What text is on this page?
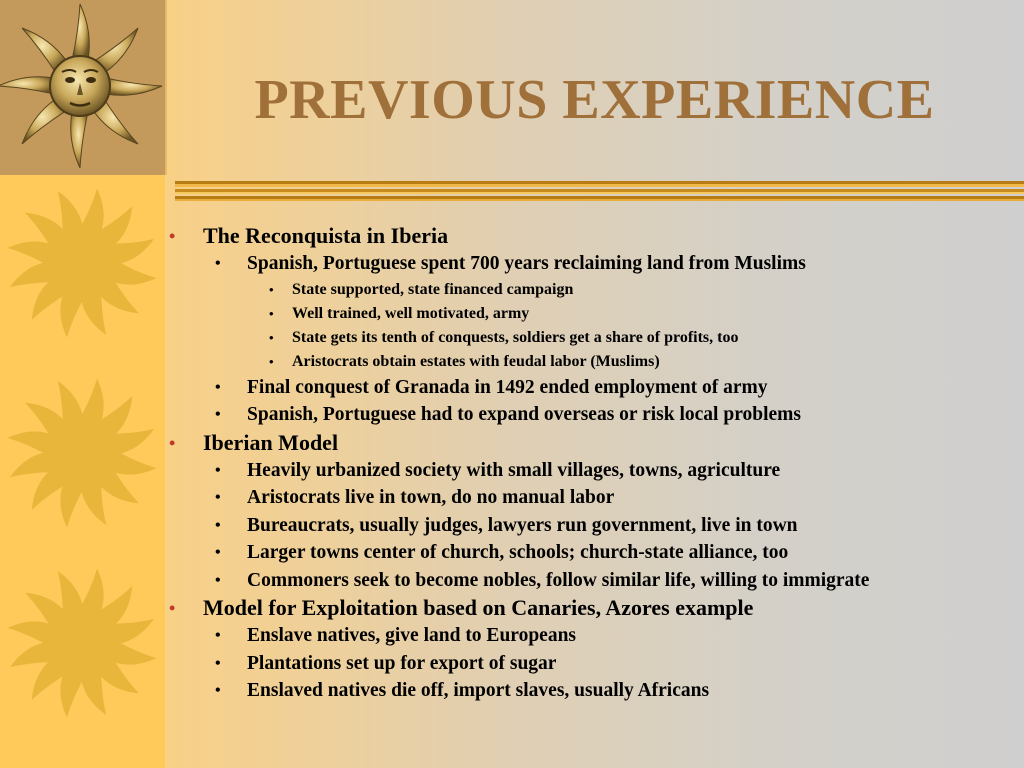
PREVIOUS EXPERIENCE
• The Reconquista in Iberia
• Spanish, Portuguese spent 700 years reclaiming land from Muslims
• State supported, state financed campaign
• Well trained, well motivated, army
• State gets its tenth of conquests, soldiers get a share of profits, too
• Aristocrats obtain estates with feudal labor (Muslims)
• Final conquest of Granada in 1492 ended employment of army
• Spanish, Portuguese had to expand overseas or risk local problems
• Iberian Model
• Heavily urbanized society with small villages, towns, agriculture
• Aristocrats live in town, do no manual labor
• Bureaucrats, usually judges, lawyers run government, live in town
• Larger towns center of church, schools; church-state alliance, too
• Commoners seek to become nobles, follow similar life, willing to immigrate
• Model for Exploitation based on Canaries, Azores example
• Enslave natives, give land to Europeans
• Plantations set up for export of sugar
• Enslaved natives die off, import slaves, usually Africans
